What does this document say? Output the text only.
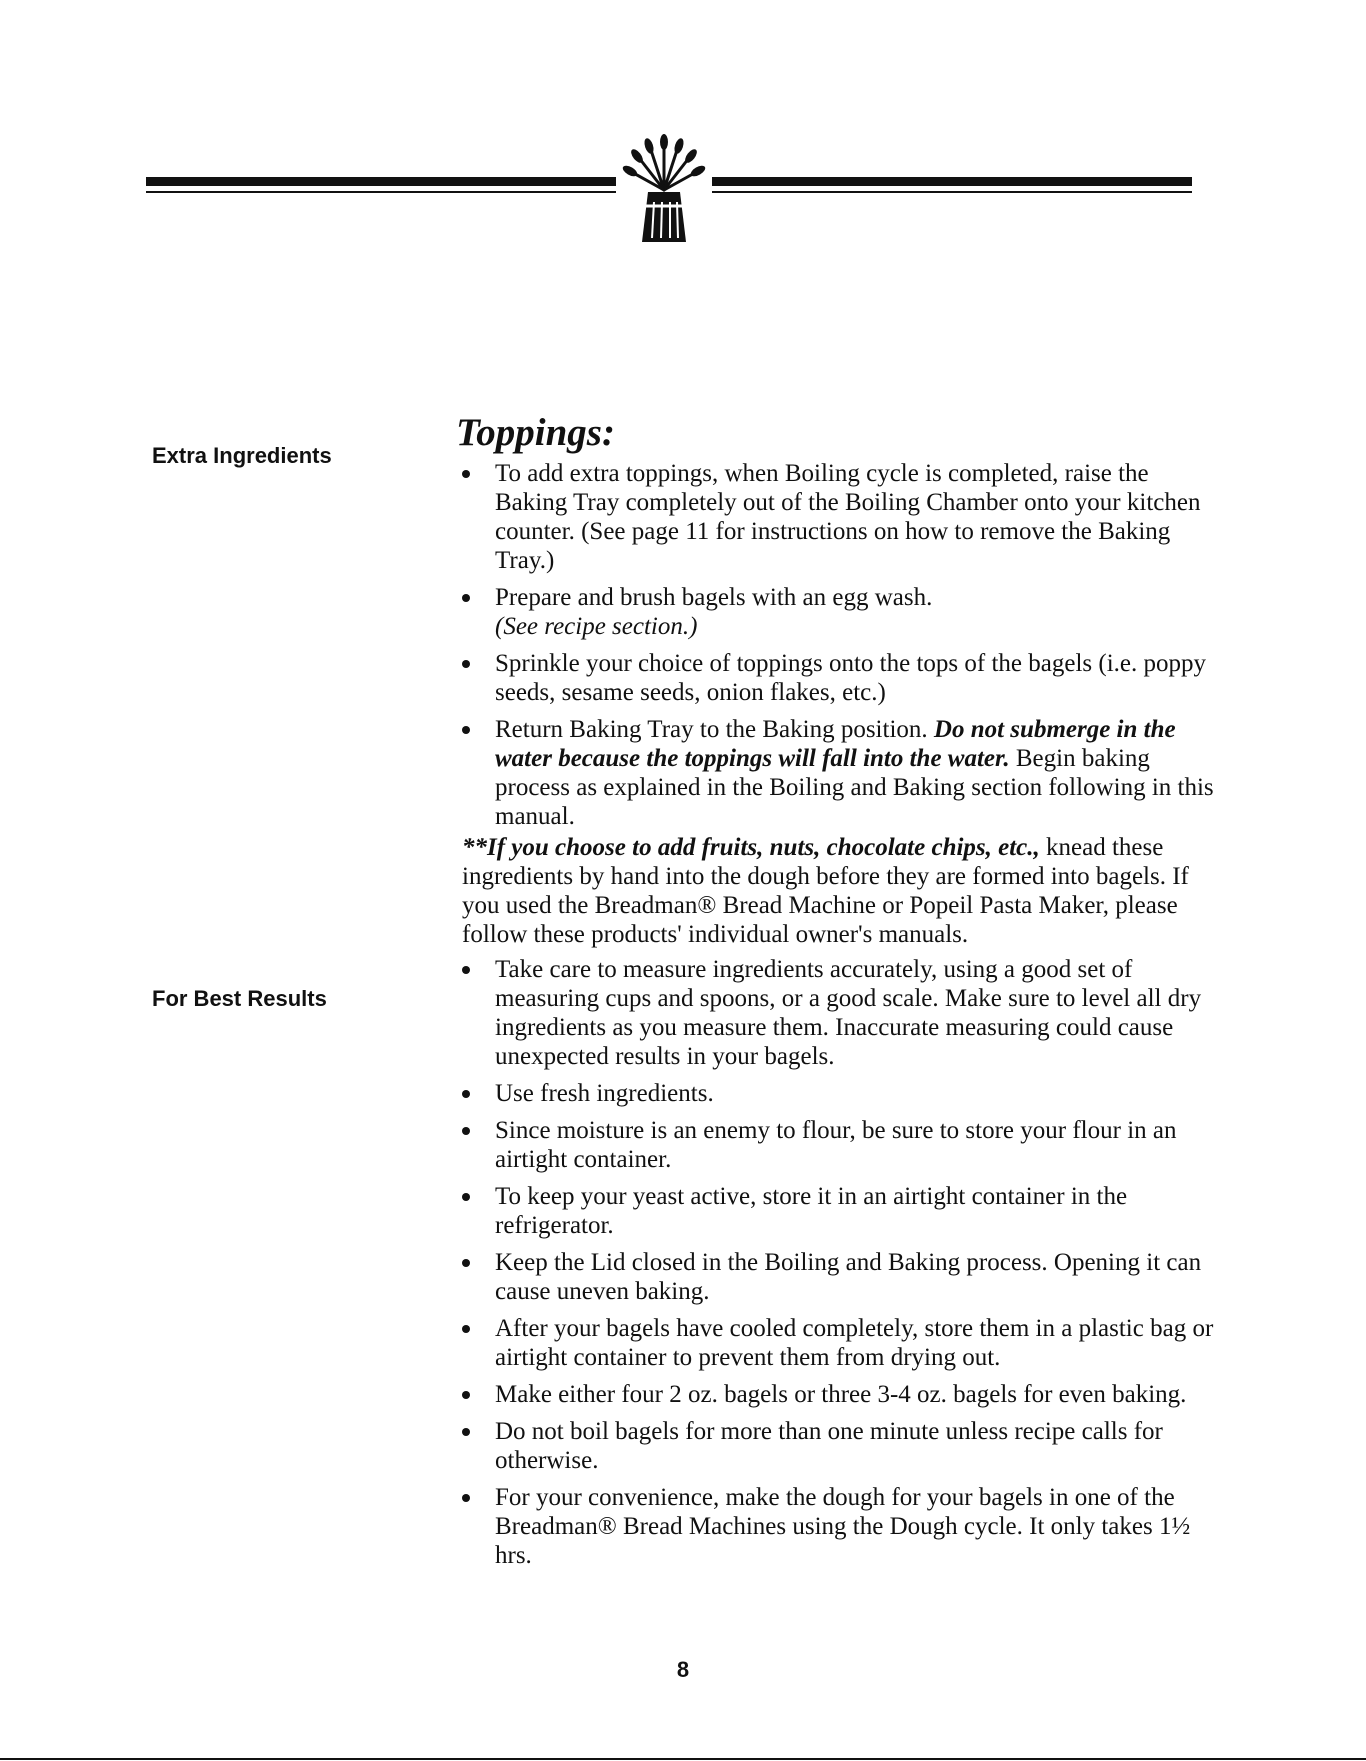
Extra Ingredients
For Best Results
Toppings:
To add extra toppings, when Boiling cycle is completed, raise the Baking Tray completely out of the Boiling Chamber onto your kitchen counter. (See page 11 for instructions on how to remove the Baking Tray.)
Prepare and brush bagels with an egg wash.
(See recipe section.)
Sprinkle your choice of toppings onto the tops of the bagels (i.e. poppy seeds, sesame seeds, onion flakes, etc.)
Return Baking Tray to the Baking position. Do not submerge in the water because the toppings will fall into the water. Begin baking process as explained in the Boiling and Baking section following in this manual.

**If you choose to add fruits, nuts, chocolate chips, etc., knead these ingredients by hand into the dough before they are formed into bagels. If you used the Breadman® Bread Machine or Popeil Pasta Maker, please follow these products' individual owner's manuals.

Take care to measure ingredients accurately, using a good set of measuring cups and spoons, or a good scale. Make sure to level all dry ingredients as you measure them. Inaccurate measuring could cause unexpected results in your bagels.
Use fresh ingredients.
Since moisture is an enemy to flour, be sure to store your flour in an airtight container.
To keep your yeast active, store it in an airtight container in the refrigerator.
Keep the Lid closed in the Boiling and Baking process. Opening it can cause uneven baking.
After your bagels have cooled completely, store them in a plastic bag or airtight container to prevent them from drying out.
Make either four 2 oz. bagels or three 3-4 oz. bagels for even baking.
Do not boil bagels for more than one minute unless recipe calls for otherwise.
For your convenience, make the dough for your bagels in one of the Breadman® Bread Machines using the Dough cycle. It only takes 1½ hrs.
8
